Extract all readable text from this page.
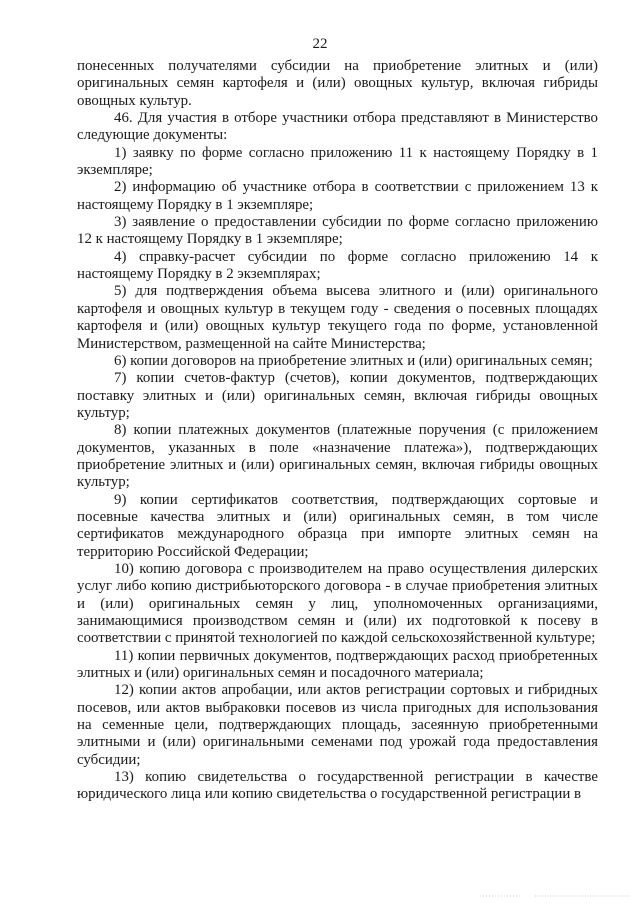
22

понесенных получателями субсидии на приобретение элитных и (или) оригинальных семян картофеля и (или) овощных культур, включая гибриды овощных культур.

46. Для участия в отборе участники отбора представляют в Министерство следующие документы:

1) заявку по форме согласно приложению 11 к настоящему Порядку в 1 экземпляре;

2) информацию об участнике отбора в соответствии с приложением 13 к настоящему Порядку в 1 экземпляре;

3) заявление о предоставлении субсидии по форме согласно приложению 12 к настоящему Порядку в 1 экземпляре;

4) справку-расчет субсидии по форме согласно приложению 14 к настоящему Порядку в 2 экземплярах;

5) для подтверждения объема высева элитного и (или) оригинального картофеля и овощных культур в текущем году - сведения о посевных площадях картофеля и (или) овощных культур текущего года по форме, установленной Министерством, размещенной на сайте Министерства;

6) копии договоров на приобретение элитных и (или) оригинальных семян;

7) копии счетов-фактур (счетов), копии документов, подтверждающих поставку элитных и (или) оригинальных семян, включая гибриды овощных культур;

8) копии платежных документов (платежные поручения (с приложением документов, указанных в поле «назначение платежа»), подтверждающих приобретение элитных и (или) оригинальных семян, включая гибриды овощных культур;

9) копии сертификатов соответствия, подтверждающих сортовые и посевные качества элитных и (или) оригинальных семян, в том числе сертификатов международного образца при импорте элитных семян на территорию Российской Федерации;

10) копию договора с производителем на право осуществления дилерских услуг либо копию дистрибьюторского договора - в случае приобретения элитных и (или) оригинальных семян у лиц, уполномоченных организациями, занимающимися производством семян и (или) их подготовкой к посеву в соответствии с принятой технологией по каждой сельскохозяйственной культуре;

11) копии первичных документов, подтверждающих расход приобретенных элитных и (или) оригинальных семян и посадочного материала;

12) копии актов апробации, или актов регистрации сортовых и гибридных посевов, или актов выбраковки посевов из числа пригодных для использования на семенные цели, подтверждающих площадь, засеянную приобретенными элитными и (или) оригинальными семенами под урожай года предоставления субсидии;

13) копию свидетельства о государственной регистрации в качестве юридического лица или копию свидетельства о государственной регистрации в
